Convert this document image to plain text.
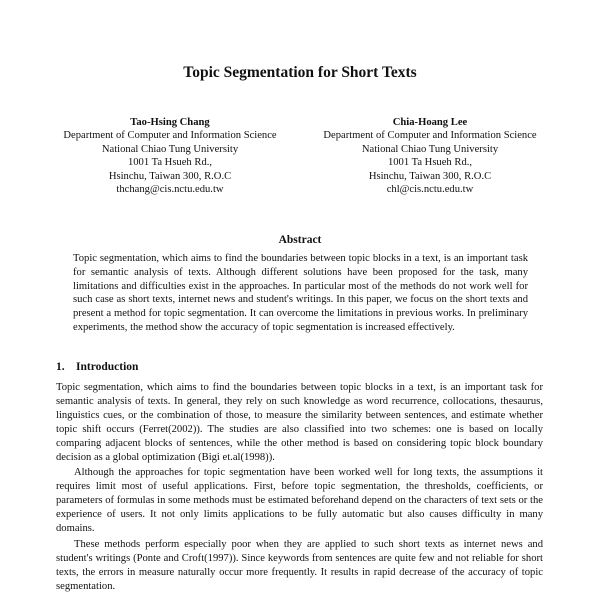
Topic Segmentation for Short Texts
Tao-Hsing Chang
Department of Computer and Information Science
National Chiao Tung University
1001 Ta Hsueh Rd.,
Hsinchu, Taiwan 300, R.O.C
thchang@cis.nctu.edu.tw
Chia-Hoang Lee
Department of Computer and Information Science
National Chiao Tung University
1001 Ta Hsueh Rd.,
Hsinchu, Taiwan 300, R.O.C
chl@cis.nctu.edu.tw
Abstract

Topic segmentation, which aims to find the boundaries between topic blocks in a text, is an important task for semantic analysis of texts. Although different solutions have been proposed for the task, many limitations and difficulties exist in the approaches. In particular most of the methods do not work well for such case as short texts, internet news and student's writings. In this paper, we focus on the short texts and present a method for topic segmentation. It can overcome the limitations in previous works. In preliminary experiments, the method show the accuracy of topic segmentation is increased effectively.

1. Introduction

Topic segmentation, which aims to find the boundaries between topic blocks in a text, is an important task for semantic analysis of texts. In general, they rely on such knowledge as word recurrence, collocations, thesaurus, linguistics cues, or the combination of those, to measure the similarity between sentences, and estimate whether topic shift occurs (Ferret(2002)). The studies are also classified into two schemes: one is based on locally comparing adjacent blocks of sentences, while the other method is based on considering topic block boundary decision as a global optimization (Bigi et.al(1998)).

Although the approaches for topic segmentation have been worked well for long texts, the assumptions it requires limit most of useful applications. First, before topic segmentation, the thresholds, coefficients, or parameters of formulas in some methods must be estimated beforehand depend on the characters of text sets or the experience of users. It not only limits applications to be fully automatic but also causes difficulty in many domains.

These methods perform especially poor when they are applied to such short texts as internet news and student's writings (Ponte and Croft(1997)). Since keywords from sentences are quite few and not reliable for short texts, the errors in measure naturally occur more frequently. It results in rapid decrease of the accuracy of topic segmentation.
